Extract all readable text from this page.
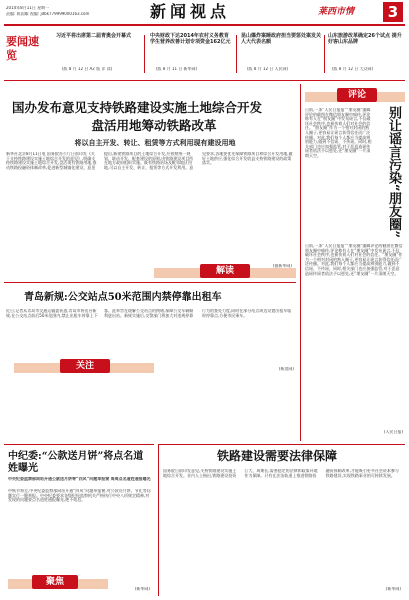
2014年8月11日 星期一
责编: 陈国雄 视编: jdbk779999000163.com	新闻视点	莱西市情	3
要闻速览
习近平将出席第二届青奥会开幕式
(版 8 月 12 日 A2 版 详 读)
中央财政下达2014年农村义务教育学生营养改善计划专项资金162亿元
(版 8 月 11 日 新华网)
昆山爆炸案睡政府担当要惩处案发关人大代表名额
(版 8 月 12 日 人民网)
山东旅游改革确定26个试点 提升好客山东品牌
(版 8 月 12 日 大众网)
国办发布意见支持铁路建设实施土地综合开发
盘活用地筹动铁路改革
将以自主开发、转让、租赁等方式利用现有建设用地
新华社北京8月11日电 国务院办公厅日前印发《关于支持铁路建设实施土地综合开发的意见》,明确支持铁路建设实施土地综合开发,盘活现有铁路用地,推动铁路投融资体制改革,促进新型城镇化建设。意见提出,新建铁路项目的土地综合开发,应按照统一规划、联动开发、配套建设的原则,由铁路建设项目所在地方政府组织实施。既有铁路站场及毗邻地区用地,可以自主开发、转让、租赁等方式开发利用。意见要求,各地要优先保障铁路项目和综合开发用地,做好土地供应,强化综合开发收益支持铁路建设的政策落实。
(据新华网)
解读
评论
日前,一条“人民日报报”“朋友圈”编辑评论的截图在微信朋友圈中疯传,评论称有人在“朋友圈”中发布谣言,不仅破坏社会秩序,也损伤着人们对社会的信任。“朋友圈”作为一个相对封闭的熟人圈子,更容易让谣言获得信任而广泛传播。对此,我们每个人都应当提高辨别能力,做到不信谣、不传谣。同时,相关部门也应加强监管,对于恶意造谣传谣者依法予以惩处,还“朋友圈”一片清朗天空。	别让谣言污染“朋友圈”
日前,一条“人民日报报”“朋友圈”编辑评论的截图在微信朋友圈中疯传,评论称有人在“朋友圈”中发布谣言,不仅破坏社会秩序,也损伤着人们对社会的信任。“朋友圈”作为一个相对封闭的熟人圈子,更容易让谣言获得信任而广泛传播。对此,我们每个人都应当提高辨别能力,做到不信谣、不传谣。同时,相关部门也应加强监管,对于恶意造谣传谣者依法予以惩处,还“朋友圈”一片清朗天空。
(人民日报)
青岛新规:公交站点50米范围内禁停靠出租车
近日,记者从青岛市交通运输委获悉,青岛市将出台新规,在公交站点前后50米范围内,禁止出租车停靠上下客。此举旨在缓解公交站点的拥堵,保障公交车辆顺利进出站。新规实施后,交警部门将加大对违规停靠行为的查处力度,同时在部分站点周边设置出租车临时停靠点,方便市民乘车。
关注	(新浪网)
中纪委:“公款送月饼”将点名道姓曝光
中央纪委监察部网站开通公款送月饼等“四风”问题举报窗 周周点名道姓通报曝光
中秋节将至,中央纪委监察部网站开通“四风”问题举报窗,对公款送月饼、节礼等问题实行一键举报。中央纪委要求各级纪检监察机关严格执行中央八项规定精神,对发现的问题要点名道姓通报曝光,绝不姑息。
聚焦
(新华网)
铁路建设需要法律保障
国务院日前印发意见,支持铁路建设实施土地综合开发。业内人士指出,铁路建设投资巨大、周期长,需要稳定的法律和政策环境作为保障。只有在法治轨道上推进铁路投融资体制改革,才能吸引更多社会资本参与铁路建设,实现铁路事业的可持续发展。
(新华网)
